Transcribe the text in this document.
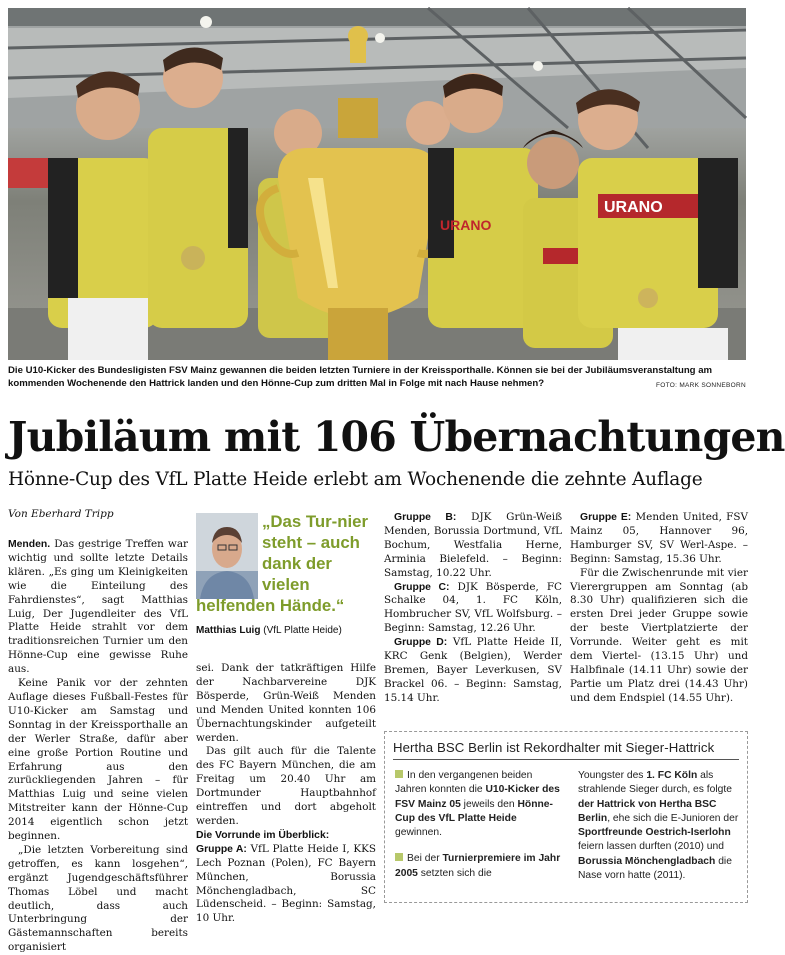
URANO
URANO
Die U10-Kicker des Bundesligisten FSV Mainz gewannen die beiden letzten Turniere in der Kreissporthalle. Können sie bei der Jubiläumsveranstaltung am kommenden Wochenende den Hattrick landen und den Hönne-Cup zum dritten Mal in Folge mit nach Hause nehmen?	FOTO: MARK SONNEBORN
Jubiläum mit 106 Übernachtungen
Hönne-Cup des VfL Platte Heide erlebt am Wochenende die zehnte Auflage
Von Eberhard Tripp

Menden. Das gestrige Treffen war wichtig und sollte letzte Details klären. „Es ging um Kleinigkeiten wie die Einteilung des Fahrdienstes“, sagt Matthias Luig, Der Jugendleiter des VfL Platte Heide strahlt vor dem traditionsreichen Turnier um den Hönne-Cup eine gewisse Ruhe aus.

Keine Panik vor der zehnten Auflage dieses Fußball-Festes für U10-Kicker am Samstag und Sonntag in der Kreissporthalle an der Werler Straße, dafür aber eine große Portion Routine und Erfahrung aus den zurückliegenden Jahren – für Matthias Luig und seine vielen Mitstreiter kann der Hönne-Cup 2014 eigentlich schon jetzt beginnen.

„Die letzten Vorbereitung sind getroffen, es kann losgehen“, ergänzt Jugendgeschäftsführer Thomas Löbel und macht deutlich, dass auch Unterbringung der Gästemannschaften bereits organisiert

„Das Tur-nier steht – auch dank der vielen
helfenden Hände.“
Matthias Luig (VfL Platte Heide)

sei. Dank der tatkräftigen Hilfe der Nachbarvereine DJK Bösperde, Grün-Weiß Menden und Menden United konnten 106 Übernachtungskinder aufgeteilt werden.

Das gilt auch für die Talente des FC Bayern München, die am Freitag um 20.40 Uhr am Dortmunder Hauptbahnhof eintreffen und dort abgeholt werden.

Die Vorrunde im Überblick:

Gruppe A: VfL Platte Heide I, KKS Lech Poznan (Polen), FC Bayern München, Borussia Mönchengladbach, SC Lüdenscheid. – Beginn: Samstag, 10 Uhr.

Gruppe B: DJK Grün-Weiß Menden, Borussia Dortmund, VfL Bochum, Westfalia Herne, Arminia Bielefeld. – Beginn: Samstag, 10.22 Uhr.

Gruppe C: DJK Bösperde, FC Schalke 04, 1. FC Köln, Hombrucher SV, VfL Wolfsburg. – Beginn: Samstag, 12.26 Uhr.

Gruppe D: VfL Platte Heide II, KRC Genk (Belgien), Werder Bremen, Bayer Leverkusen, SV Brackel 06. – Beginn: Samstag, 15.14 Uhr.

Gruppe E: Menden United, FSV Mainz 05, Hannover 96, Hamburger SV, SV Werl-Aspe. – Beginn: Samstag, 15.36 Uhr.

Für die Zwischenrunde mit vier Vierergruppen am Sonntag (ab 8.30 Uhr) qualifizieren sich die ersten Drei jeder Gruppe sowie der beste Viertplatzierte der Vorrunde. Weiter geht es mit dem Viertel- (13.15 Uhr) und Halbfinale (14.11 Uhr) sowie der Partie um Platz drei (14.43 Uhr) und dem Endspiel (14.55 Uhr).

Hertha BSC Berlin ist Rekordhalter mit Sieger-Hattrick

In den vergangenen beiden Jahren konnten die U10-Kicker des FSV Mainz 05 jeweils den Hönne-Cup des VfL Platte Heide gewinnen.

Bei der Turnierpremiere im Jahr 2005 setzten sich die

Youngster des 1. FC Köln als strahlende Sieger durch, es folgte der Hattrick von Hertha BSC Berlin, ehe sich die E-Junioren der Sportfreunde Oestrich-Iserlohn feiern lassen durften (2010) und Borussia Mönchengladbach die Nase vorn hatte (2011).
